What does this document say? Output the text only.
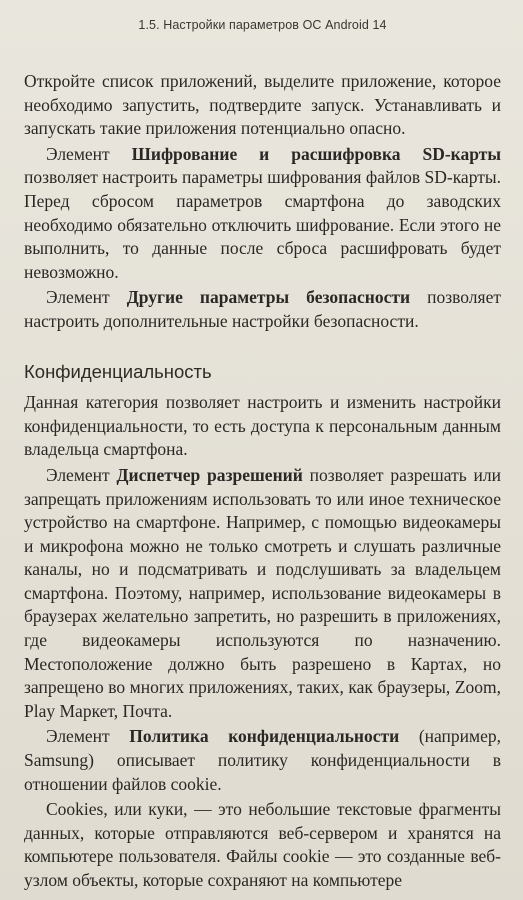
1.5. Настройки параметров ОС Android 14

Откройте список приложений, выделите приложение, которое необходимо запустить, подтвердите запуск. Устанавливать и запускать такие приложения потенциально опасно.

Элемент Шифрование и расшифровка SD-карты позволяет настроить параметры шифрования файлов SD-карты. Перед сбросом параметров смартфона до заводских необходимо обязательно отключить шифрование. Если этого не выполнить, то данные после сброса расшифровать будет невозможно.

Элемент Другие параметры безопасности позволяет настроить дополнительные настройки безопасности.

Конфиденциальность

Данная категория позволяет настроить и изменить настройки конфиденциальности, то есть доступа к персональным данным владельца смартфона.

Элемент Диспетчер разрешений позволяет разрешать или запрещать приложениям использовать то или иное техническое устройство на смартфоне. Например, с помощью видеокамеры и микрофона можно не только смотреть и слушать различные каналы, но и подсматривать и подслушивать за владельцем смартфона. Поэтому, например, использование видеокамеры в браузерах желательно запретить, но разрешить в приложениях, где видеокамеры используются по назначению. Местоположение должно быть разрешено в Картах, но запрещено во многих приложениях, таких, как браузеры, Zoom, Play Маркет, Почта.

Элемент Политика конфиденциальности (например, Samsung) описывает политику конфиденциальности в отношении файлов cookie.

Cookies, или куки, — это небольшие текстовые фрагменты данных, которые отправляются веб-сервером и хранятся на компьютере пользователя. Файлы cookie — это созданные веб-узлом объекты, которые сохраняют на компьютере
